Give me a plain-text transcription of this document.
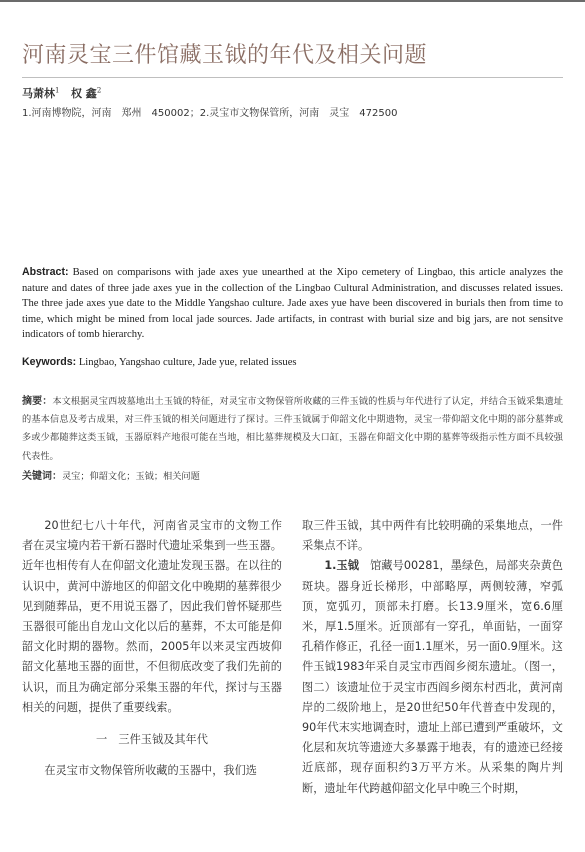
河南灵宝三件馆藏玉钺的年代及相关问题
马萧林$^1$ 权 鑫$^2$
1.河南博物院，河南　郑州　450002；2.灵宝市文物保管所，河南　灵宝　472500
Abstract: Based on comparisons with jade axes yue unearthed at the Xipo cemetery of Lingbao, this article analyzes the nature and dates of three jade axes yue in the collection of the Lingbao Cultural Administration, and discusses related issues. The three jade axes yue date to the Middle Yangshao culture. Jade axes yue have been discovered in burials then from time to time, which might be mined from local jade sources. Jade artifacts, in contrast with burial size and big jars, are not sensitve indicators of tomb hierarchy.
Keywords: Lingbao, Yangshao culture, Jade yue, related issues
摘要：本文根据灵宝西坡墓地出土玉钺的特征，对灵宝市文物保管所收藏的三件玉钺的性质与年代进行了认定，并结合玉钺采集遗址的基本信息及考古成果，对三件玉钺的相关问题进行了探讨。三件玉钺属于仰韶文化中期遗物，灵宝一带仰韶文化中期的部分墓葬或多或少都随葬这类玉钺，玉器原料产地很可能在当地，相比墓葬规模及大口缸，玉器在仰韶文化中期的墓葬等级指示性方面不具较强代表性。
关键词：灵宝；仰韶文化；玉钺；相关问题

20世纪七八十年代，河南省灵宝市的文物工作者在灵宝境内若干新石器时代遗址采集到一些玉器。近年也相传有人在仰韶文化遗址发现玉器。在以往的认识中，黄河中游地区的仰韶文化中晚期的墓葬很少见到随葬品，更不用说玉器了，因此我们曾怀疑那些玉器很可能出自龙山文化以后的墓葬，不太可能是仰韶文化时期的器物。然而，2005年以来灵宝西坡仰韶文化墓地玉器的面世，不但彻底改变了我们先前的认识，而且为确定部分采集玉器的年代，探讨与玉器相关的问题，提供了重要线索。

一　三件玉钺及其年代

在灵宝市文物保管所收藏的玉器中，我们选

取三件玉钺，其中两件有比较明确的采集地点，一件采集点不详。

1.玉钺　馆藏号00281，墨绿色，局部夹杂黄色斑块。器身近长梯形，中部略厚，两侧较薄，窄弧顶，宽弧刃，顶部未打磨。长13.9厘米，宽6.6厘米，厚1.5厘米。近顶部有一穿孔，单面钻，一面穿孔稍作修正，孔径一面1.1厘米，另一面0.9厘米。这件玉钺1983年采自灵宝市西阎乡阌东遗址。（图一，图二）该遗址位于灵宝市西阎乡阌东村西北，黄河南岸的二级阶地上，是20世纪50年代普查中发现的，90年代末实地调查时，遗址上部已遭到严重破坏，文化层和灰坑等遗迹大多暴露于地表，有的遗迹已经接近底部，现存面积约3万平方米。从采集的陶片判断，遗址年代跨越仰韶文化早中晚三个时期，
